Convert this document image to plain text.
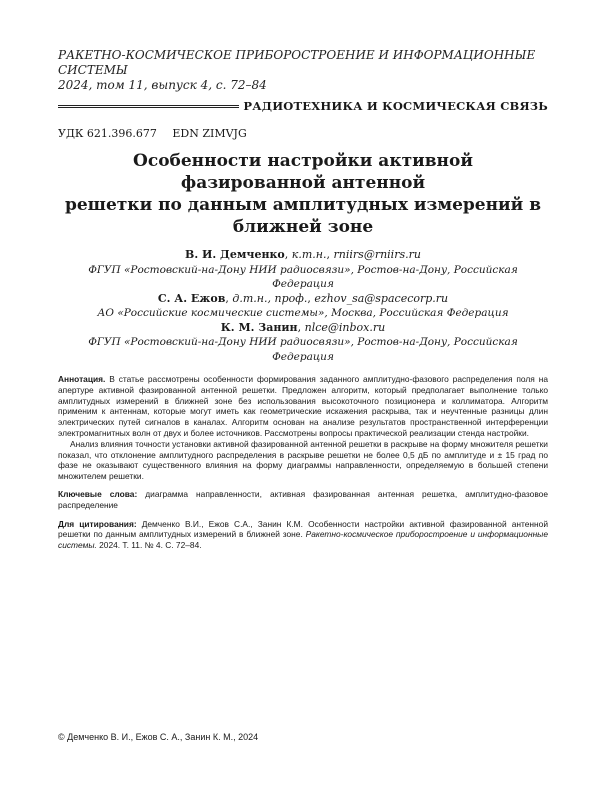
РАКЕТНО-КОСМИЧЕСКОЕ ПРИБОРОСТРОЕНИЕ И ИНФОРМАЦИОННЫЕ СИСТЕМЫ
2024, том 11, выпуск 4, с. 72–84
РАДИОТЕХНИКА И КОСМИЧЕСКАЯ СВЯЗЬ
УДК 621.396.677 EDN ZIMVJG
Особенности настройки активной фазированной антенной
решетки по данным амплитудных измерений в ближней зоне
В. И. Демченко, к.т.н., rniirs@rniirs.ru
ФГУП «Ростовский-на-Дону НИИ радиосвязи», Ростов-на-Дону, Российская Федерация
С. А. Ежов, д.т.н., проф., ezhov_sa@spacecorp.ru
АО «Российские космические системы», Москва, Российская Федерация
К. М. Занин, nlce@inbox.ru
ФГУП «Ростовский-на-Дону НИИ радиосвязи», Ростов-на-Дону, Российская Федерация

Аннотация. В статье рассмотрены особенности формирования заданного амплитудно-фазового распределения поля на апертуре активной фазированной антенной решетки. Предложен алгоритм, который предполагает выполнение только амплитудных измерений в ближней зоне без использования высокоточного позиционера и коллиматора. Алгоритм применим к антеннам, которые могут иметь как геометрические искажения раскрыва, так и неучтенные разницы длин электрических путей сигналов в каналах. Алгоритм основан на анализе результатов пространственной интерференции электромагнитных волн от двух и более источников. Рассмотрены вопросы практической реализации стенда настройки.

Анализ влияния точности установки активной фазированной антенной решетки в раскрыве на форму множителя решетки показал, что отклонение амплитудного распределения в раскрыве решетки не более 0,5 дБ по амплитуде и ± 15 град по фазе не оказывают существенного влияния на форму диаграммы направленности, определяемую в большей степени множителем решетки.

Ключевые слова: диаграмма направленности, активная фазированная антенная решетка, амплитудно-фазовое распределение
Для цитирования: Демченко В.И., Ежов С.А., Занин К.М. Особенности настройки активной фазированной антенной решетки по данным амплитудных измерений в ближней зоне. Ракетно-космическое приборостроение и информационные системы. 2024. Т. 11. № 4. С. 72–84.
© Демченко В. И., Ежов С. А., Занин К. М., 2024
